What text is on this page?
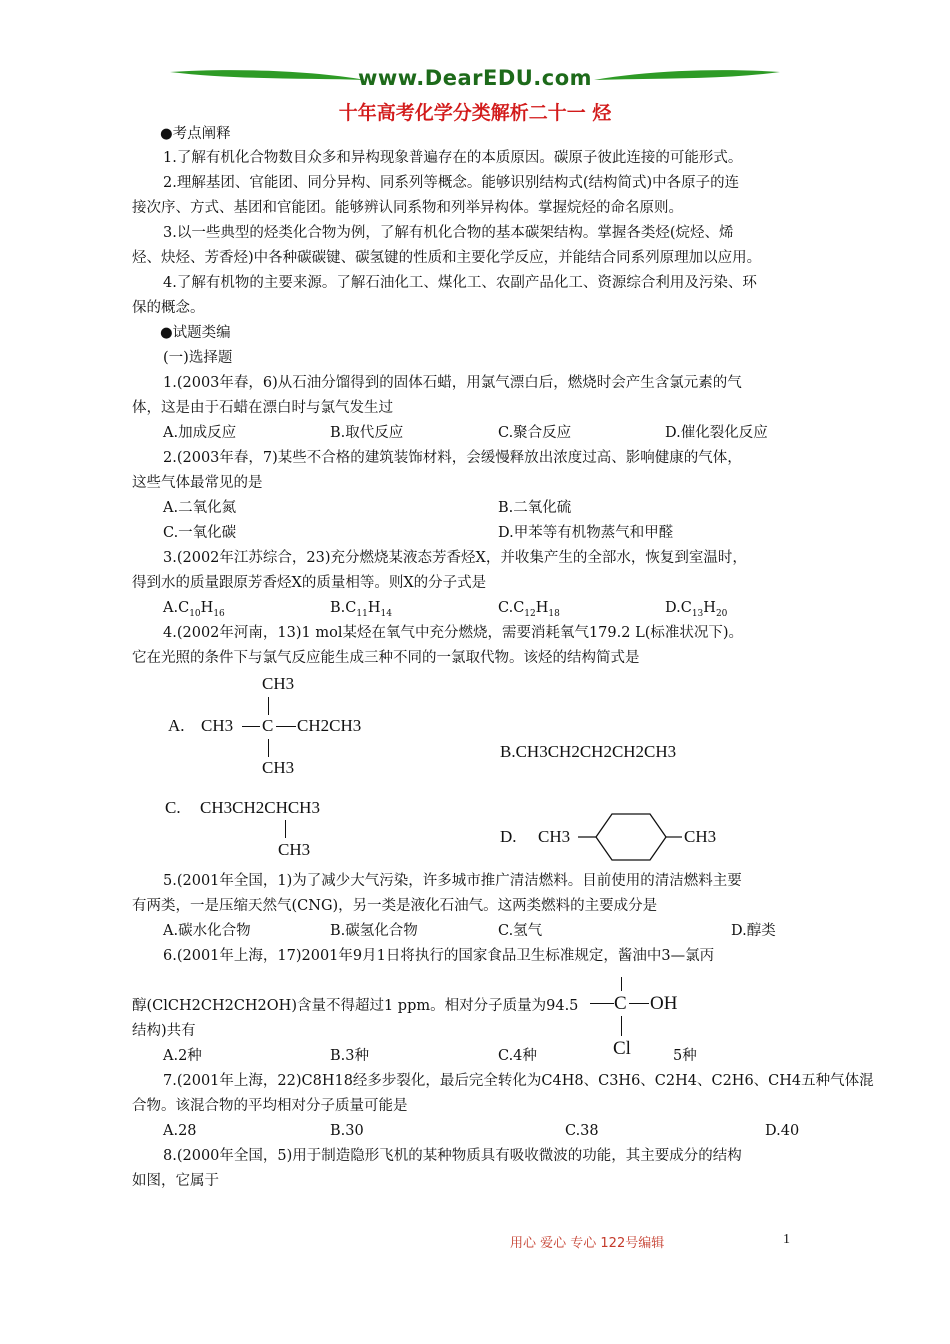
www.DearEDU.com
十年高考化学分类解析二十一 烃
●考点阐释
1.了解有机化合物数目众多和异构现象普遍存在的本质原因。碳原子彼此连接的可能形式。
2.理解基团、官能团、同分异构、同系列等概念。能够识别结构式(结构简式)中各原子的连
接次序、方式、基团和官能团。能够辨认同系物和列举异构体。掌握烷烃的命名原则。
3.以一些典型的烃类化合物为例，了解有机化合物的基本碳架结构。掌握各类烃(烷烃、烯
烃、炔烃、芳香烃)中各种碳碳键、碳氢键的性质和主要化学反应，并能结合同系列原理加以应用。
4.了解有机物的主要来源。了解石油化工、煤化工、农副产品化工、资源综合利用及污染、环
保的概念。
●试题类编
(一)选择题
1.(2003年春，6)从石油分馏得到的固体石蜡，用氯气漂白后，燃烧时会产生含氯元素的气
体，这是由于石蜡在漂白时与氯气发生过
A.加成反应	B.取代反应	C.聚合反应	D.催化裂化反应
2.(2003年春，7)某些不合格的建筑装饰材料，会缓慢释放出浓度过高、影响健康的气体，
这些气体最常见的是
A.二氧化氮	B.二氧化硫
C.一氧化碳	D.甲苯等有机物蒸气和甲醛
3.(2002年江苏综合，23)充分燃烧某液态芳香烃X，并收集产生的全部水，恢复到室温时，
得到水的质量跟原芳香烃X的质量相等。则X的分子式是
$A.C_{10}H_{16}$	$B.C_{11}H_{14}$	$C.C_{12}H_{18}$	$D.C_{13}H_{20}$
4.(2002年河南，13)1 mol某烃在氧气中充分燃烧，需要消耗氧气179.2 L(标准状况下)。
它在光照的条件下与氯气反应能生成三种不同的一氯取代物。该烃的结构简式是
A.
CH3
CH3 C CH2CH3
CH3
B.CH3CH2CH2CH2CH3
C. CH3CH2CHCH3
CH3
D. CH3	CH3
5.(2001年全国，1)为了减少大气污染，许多城市推广清洁燃料。目前使用的清洁燃料主要
有两类，一是压缩天然气(CNG)，另一类是液化石油气。这两类燃料的主要成分是
A.碳水化合物	B.碳氢化合物	C.氢气	D.醇类
6.(2001年上海，17)2001年9月1日将执行的国家食品卫生标准规定，酱油中3—氯丙
醇(ClCH2CH2CH2OH)含量不得超过1 ppm。相对分子质量为94.5
结构)共有
C OH
Cl
A.2种	B.3种	C.4种	5种
7.(2001年上海，22)C8H18经多步裂化，最后完全转化为C4H8、C3H6、C2H4、C2H6、CH4五种气体混
合物。该混合物的平均相对分子质量可能是
A.28	B.30	C.38	D.40
8.(2000年全国，5)用于制造隐形飞机的某种物质具有吸收微波的功能，其主要成分的结构
如图，它属于
用心 爱心 专心 122号编辑	1
